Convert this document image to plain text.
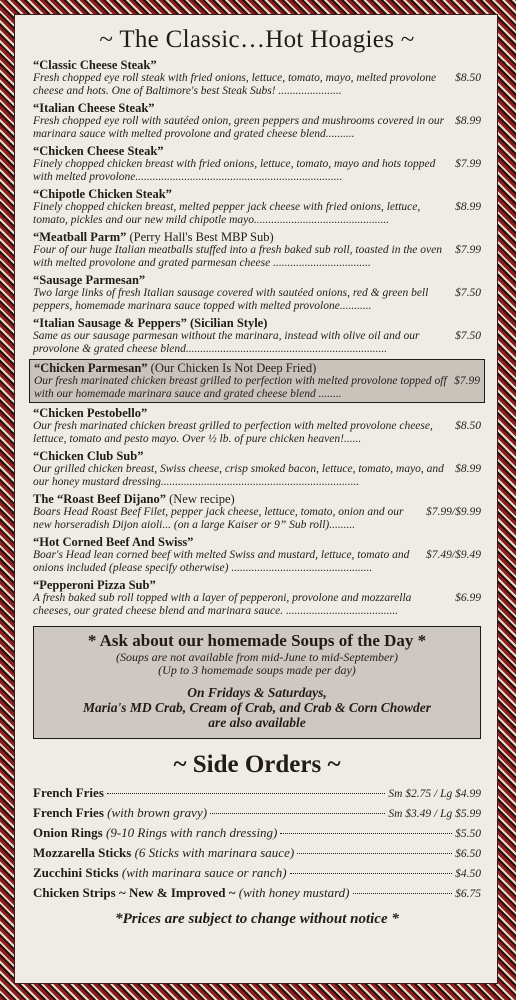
~ The Classic…Hot Hoagies ~
“Classic Cheese Steak”
$8.50
Fresh chopped eye roll steak with fried onions, lettuce, tomato, mayo, melted provolone cheese and hots. One of Baltimore's best Steak Subs! ......................
“Italian Cheese Steak”
$8.99
Fresh chopped eye roll with sautéed onion, green peppers and mushrooms covered in our marinara sauce with melted provolone and grated cheese blend..........
“Chicken Cheese Steak”
$7.99
Finely chopped chicken breast with fried onions, lettuce, tomato, mayo and hots topped with melted provolone........................................................................
“Chipotle Chicken Steak”
$8.99
Finely chopped chicken breast, melted pepper jack cheese with fried onions, lettuce, tomato, pickles and our new mild chipotle mayo...............................................
“Meatball Parm” (Perry Hall's Best MBP Sub)
$7.99
Four of our huge Italian meatballs stuffed into a fresh baked sub roll, toasted in the oven with melted provolone and grated parmesan cheese ..................................
“Sausage Parmesan”
$7.50
Two large links of fresh Italian sausage covered with sautéed onions, red & green bell peppers, homemade marinara sauce topped with melted provolone...........
“Italian Sausage & Peppers” (Sicilian Style)
$7.50
Same as our sausage parmesan without the marinara, instead with olive oil and our provolone & grated cheese blend......................................................................
“Chicken Parmesan” (Our Chicken Is Not Deep Fried)
$7.99
Our fresh marinated chicken breast grilled to perfection with melted provolone topped off with our homemade marinara sauce and grated cheese blend ........
“Chicken Pestobello”
$8.50
Our fresh marinated chicken breast grilled to perfection with melted provolone cheese, lettuce, tomato and pesto mayo. Over ½ lb. of pure chicken heaven!......
“Chicken Club Sub”
$8.99
Our grilled chicken breast, Swiss cheese, crisp smoked bacon, lettuce, tomato, mayo, and our honey mustard dressing.....................................................................
The “Roast Beef Dijano” (New recipe)
$7.99/$9.99
Boars Head Roast Beef Filet, pepper jack cheese, lettuce, tomato, onion and our new horseradish Dijon aioli... (on a large Kaiser or 9” Sub roll).........
“Hot Corned Beef And Swiss”
$7.49/$9.49
Boar's Head lean corned beef with melted Swiss and mustard, lettuce, tomato and onions included (please specify otherwise) .................................................
“Pepperoni Pizza Sub”
$6.99
A fresh baked sub roll topped with a layer of pepperoni, provolone and mozzarella cheeses, our grated cheese blend and marinara sauce. .......................................
* Ask about our homemade Soups of the Day *
(Soups are not available from mid-June to mid-September)
(Up to 3 homemade soups made per day)
On Fridays & Saturdays,
Maria's MD Crab, Cream of Crab, and Crab & Corn Chowder
are also available
~ Side Orders ~
French Fries	Sm $2.75 / Lg $4.99
French Fries (with brown gravy)	Sm $3.49 / Lg $5.99
Onion Rings (9-10 Rings with ranch dressing)	$5.50
Mozzarella Sticks (6 Sticks with marinara sauce)	$6.50
Zucchini Sticks (with marinara sauce or ranch)	$4.50
Chicken Strips ~ New & Improved ~ (with honey mustard)	$6.75
*Prices are subject to change without notice *
